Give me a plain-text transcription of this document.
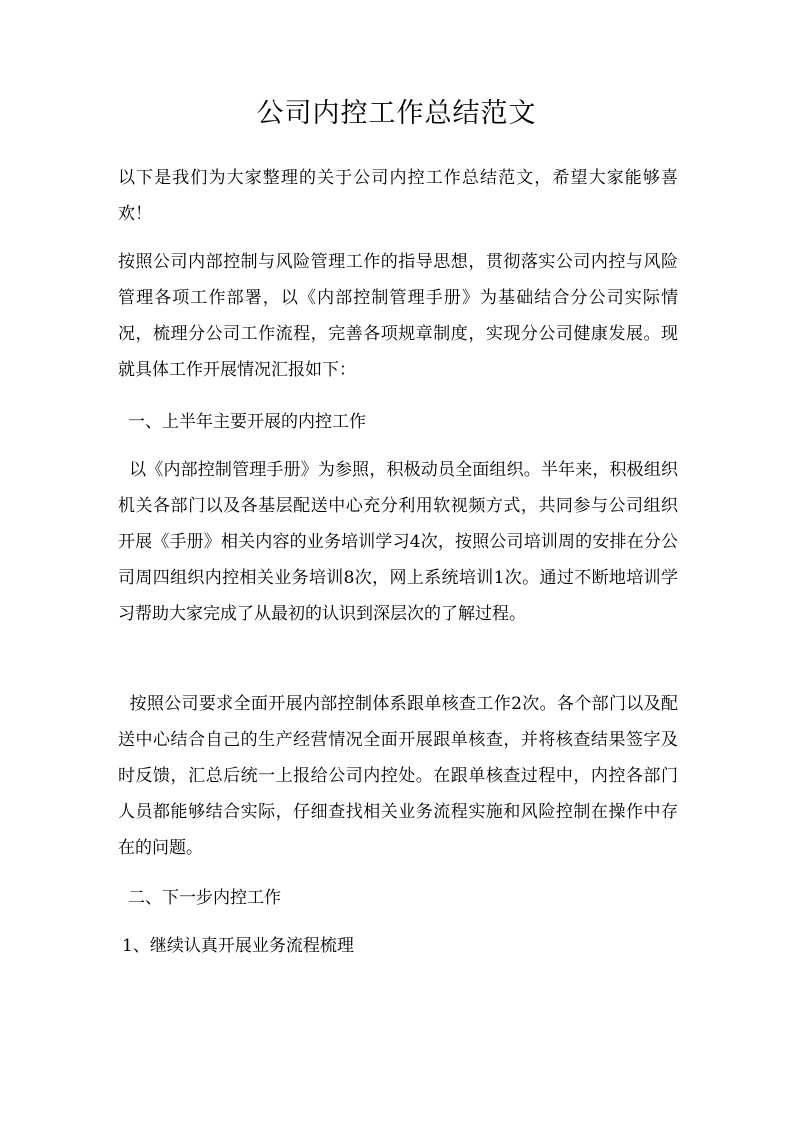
公司内控工作总结范文

以下是我们为大家整理的关于公司内控工作总结范文，希望大家能够喜欢！

按照公司内部控制与风险管理工作的指导思想，贯彻落实公司内控与风险管理各项工作部署，以《内部控制管理手册》为基础结合分公司实际情况，梳理分公司工作流程，完善各项规章制度，实现分公司健康发展。现就具体工作开展情况汇报如下：

一、上半年主要开展的内控工作

以《内部控制管理手册》为参照，积极动员全面组织。半年来，积极组织机关各部门以及各基层配送中心充分利用软视频方式，共同参与公司组织开展《手册》相关内容的业务培训学习4次，按照公司培训周的安排在分公司周四组织内控相关业务培训8次，网上系统培训1次。通过不断地培训学习帮助大家完成了从最初的认识到深层次的了解过程。

按照公司要求全面开展内部控制体系跟单核查工作2次。各个部门以及配送中心结合自己的生产经营情况全面开展跟单核查，并将核查结果签字及时反馈，汇总后统一上报给公司内控处。在跟单核查过程中，内控各部门人员都能够结合实际，仔细查找相关业务流程实施和风险控制在操作中存在的问题。

二、下一步内控工作

1、继续认真开展业务流程梳理
